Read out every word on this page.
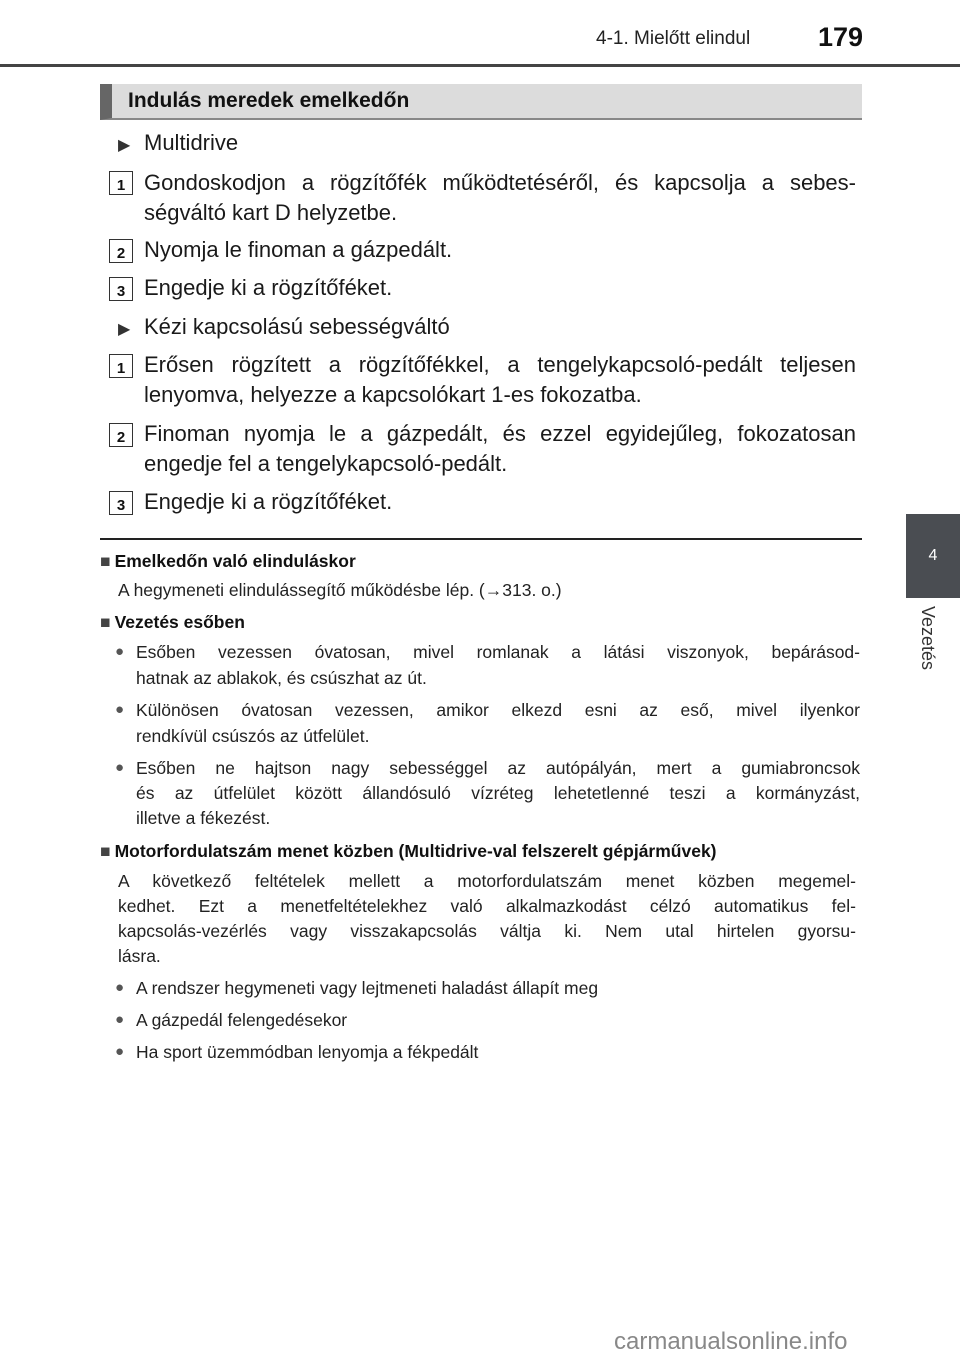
4-1. Mielőtt elindul	179
4
Vezetés
Indulás meredek emelkedőn
▶ Multidrive
1 Gondoskodjon a rögzítőfék működtetéséről, és kapcsolja a sebes-
ségváltó kart D helyzetbe.
2 Nyomja le finoman a gázpedált.
3 Engedje ki a rögzítőféket.
▶ Kézi kapcsolású sebességváltó
1 Erősen rögzített a rögzítőfékkel, a tengelykapcsoló-pedált teljesen
lenyomva, helyezze a kapcsolókart 1-es fokozatba.
2 Finoman nyomja le a gázpedált, és ezzel egyidejűleg, fokozatosan
engedje fel a tengelykapcsoló-pedált.
3 Engedje ki a rögzítőféket.
■ Emelkedőn való elinduláskor
A hegymeneti elindulássegítő működésbe lép. (→313. o.)
■ Vezetés esőben
● Esőben vezessen óvatosan, mivel romlanak a látási viszonyok, bepárásod-
hatnak az ablakok, és csúszhat az út.
● Különösen óvatosan vezessen, amikor elkezd esni az eső, mivel ilyenkor
rendkívül csúszós az útfelület.
● Esőben ne hajtson nagy sebességgel az autópályán, mert a gumiabroncsok
és az útfelület között állandósuló vízréteg lehetetlenné teszi a kormányzást,
illetve a fékezést.
■ Motorfordulatszám menet közben (Multidrive-val felszerelt gépjárművek)
A következő feltételek mellett a motorfordulatszám menet közben megemel-
kedhet. Ezt a menetfeltételekhez való alkalmazkodást célzó automatikus fel-
kapcsolás-vezérlés vagy visszakapcsolás váltja ki. Nem utal hirtelen gyorsu-
lásra.
● A rendszer hegymeneti vagy lejtmeneti haladást állapít meg
● A gázpedál felengedésekor
● Ha sport üzemmódban lenyomja a fékpedált
carmanualsonline.info
